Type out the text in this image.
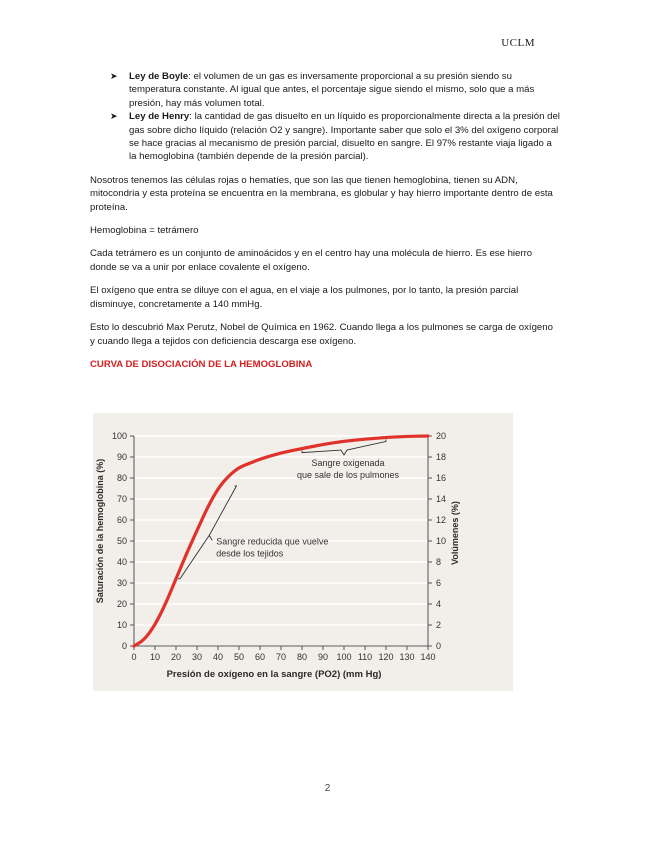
UCLM
➤ Ley de Boyle: el volumen de un gas es inversamente proporcional a su presión siendo su temperatura constante. Al igual que antes, el porcentaje sigue siendo el mismo, solo que a más presión, hay más volumen total.
➤ Ley de Henry: la cantidad de gas disuelto en un líquido es proporcionalmente directa a la presión del gas sobre dicho líquido (relación O2 y sangre). Importante saber que solo el 3% del oxígeno corporal se hace gracias al mecanismo de presión parcial, disuelto en sangre. El 97% restante viaja ligado a la hemoglobina (también depende de la presión parcial).

Nosotros tenemos las células rojas o hematíes, que son las que tienen hemoglobina, tienen su ADN, mitocondria y esta proteína se encuentra en la membrana, es globular y hay hierro importante dentro de esta proteína.

Hemoglobina = tetrámero

Cada tetrámero es un conjunto de aminoácidos y en el centro hay una molécula de hierro. Es ese hierro donde se va a unir por enlace covalente el oxígeno.

El oxígeno que entra se diluye con el agua, en el viaje a los pulmones, por lo tanto, la presión parcial disminuye, concretamente a 140 mmHg.

Esto lo descubrió Max Perutz, Nobel de Química en 1962. Cuando llega a los pulmones se carga de oxígeno y cuando llega a tejidos con deficiencia descarga ese oxígeno.

CURVA DE DISOCIACIÓN DE LA HEMOGLOBINA
0 10 20 30 40 50 60 70 80 90 100 110 120 130 140
0
10
20
30
40
50
60
70
80
90
100
0
2
4
6
8
10
12
14
16
18
20
Sangre reducida que vuelve
desde los tejidos
Sangre oxigenada
que sale de los pulmones
Presión de oxígeno en la sangre (PO2) (mm Hg)
Saturación de la hemoglobina (%)	Volúmenes (%)
2
